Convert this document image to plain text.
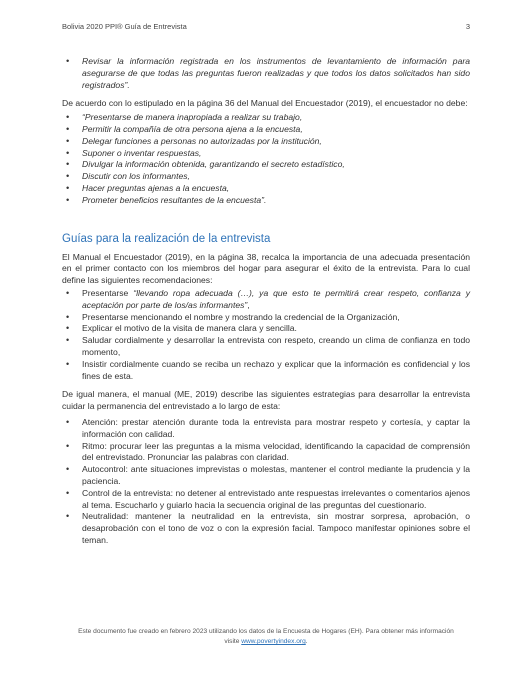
Bolivia 2020 PPI® Guía de Entrevista	3
• Revisar la información registrada en los instrumentos de levantamiento de información para asegurarse de que todas las preguntas fueron realizadas y que todos los datos solicitados han sido registrados”.

De acuerdo con lo estipulado en la página 36 del Manual del Encuestador (2019), el encuestador no debe:

• “Presentarse de manera inapropiada a realizar su trabajo,
• Permitir la compañía de otra persona ajena a la encuesta,
• Delegar funciones a personas no autorizadas por la institución,
• Suponer o inventar respuestas,
• Divulgar la información obtenida, garantizando el secreto estadístico,
• Discutir con los informantes,
• Hacer preguntas ajenas a la encuesta,
• Prometer beneficios resultantes de la encuesta”.
Guías para la realización de la entrevista

El Manual el Encuestador (2019), en la página 38, recalca la importancia de una adecuada presentación en el primer contacto con los miembros del hogar para asegurar el éxito de la entrevista. Para lo cual define las siguientes recomendaciones:

• Presentarse “llevando ropa adecuada (…), ya que esto te permitirá crear respeto, confianza y aceptación por parte de los/as informantes”,
• Presentarse mencionando el nombre y mostrando la credencial de la Organización,
• Explicar el motivo de la visita de manera clara y sencilla.
• Saludar cordialmente y desarrollar la entrevista con respeto, creando un clima de confianza en todo momento,
• Insistir cordialmente cuando se reciba un rechazo y explicar que la información es confidencial y los fines de esta.

De igual manera, el manual (ME, 2019) describe las siguientes estrategias para desarrollar la entrevista cuidar la permanencia del entrevistado a lo largo de esta:

• Atención: prestar atención durante toda la entrevista para mostrar respeto y cortesía, y captar la información con calidad.
• Ritmo: procurar leer las preguntas a la misma velocidad, identificando la capacidad de comprensión del entrevistado. Pronunciar las palabras con claridad.
• Autocontrol: ante situaciones imprevistas o molestas, mantener el control mediante la prudencia y la paciencia.
• Control de la entrevista: no detener al entrevistado ante respuestas irrelevantes o comentarios ajenos al tema. Escucharlo y guiarlo hacia la secuencia original de las preguntas del cuestionario.
• Neutralidad: mantener la neutralidad en la entrevista, sin mostrar sorpresa, aprobación, o desaprobación con el tono de voz o con la expresión facial. Tampoco manifestar opiniones sobre el teman.
Este documento fue creado en febrero 2023 utilizando los datos de la Encuesta de Hogares (EH). Para obtener más información
visite www.povertyindex.org.
